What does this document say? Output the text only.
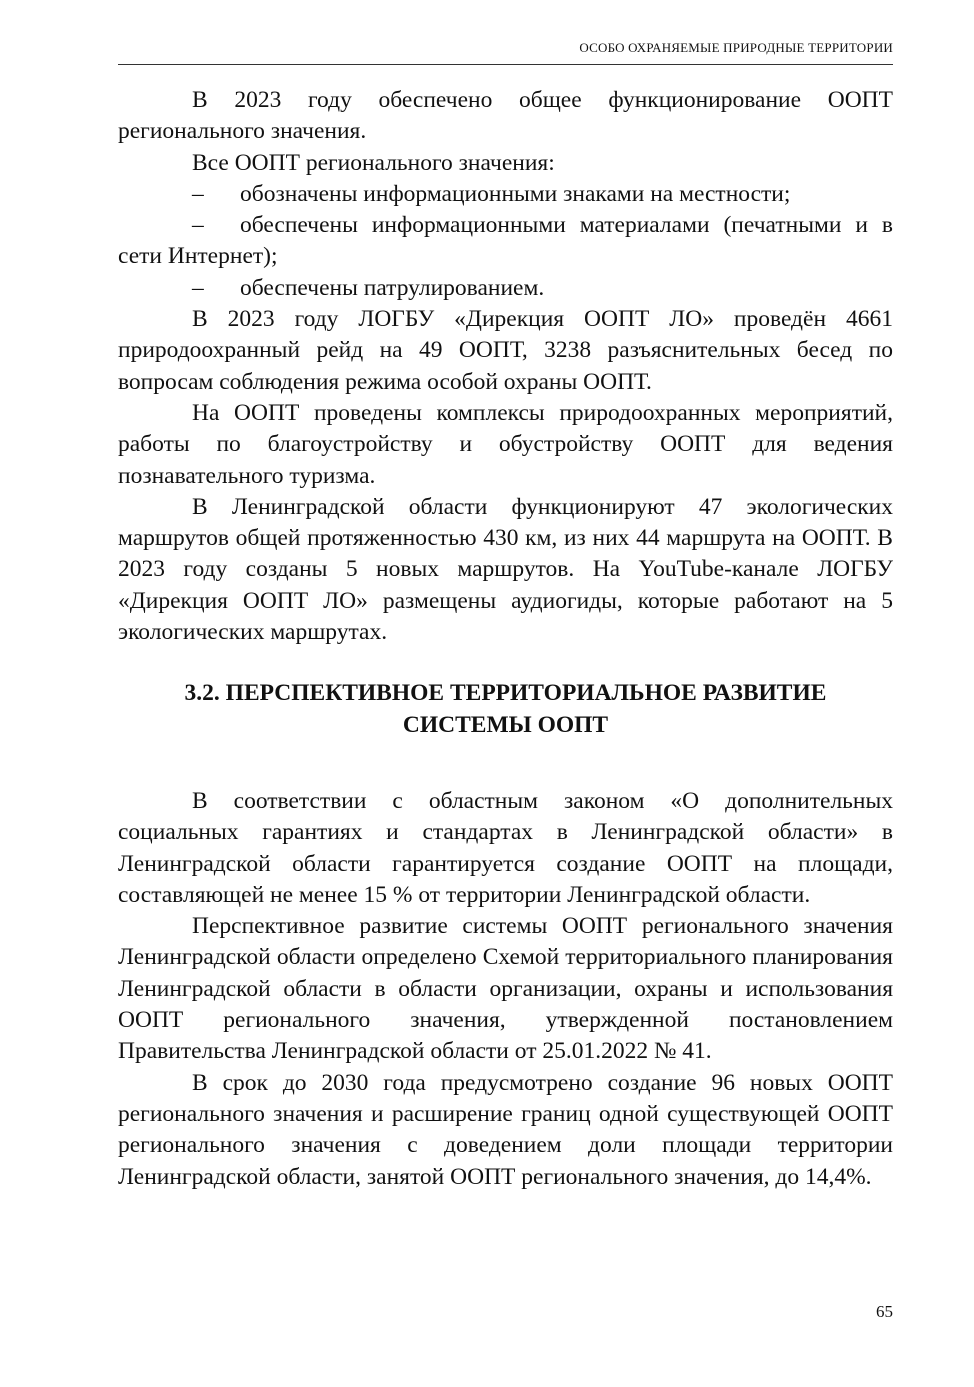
ОСОБО ОХРАНЯЕМЫЕ ПРИРОДНЫЕ ТЕРРИТОРИИ

В 2023 году обеспечено общее функционирование ООПТ регионального значения.

Все ООПТ регионального значения:

– обозначены информационными знаками на местности;
– обеспечены информационными материалами (печатными и в сети Интернет);
– обеспечены патрулированием.

В 2023 году ЛОГБУ «Дирекция ООПТ ЛО» проведён 4661 природоохранный рейд на 49 ООПТ, 3238 разъяснительных бесед по вопросам соблюдения режима особой охраны ООПТ.

На ООПТ проведены комплексы природоохранных мероприятий, работы по благоустройству и обустройству ООПТ для ведения познавательного туризма.

В Ленинградской области функционируют 47 экологических маршрутов общей протяженностью 430 км, из них 44 маршрута на ООПТ. В 2023 году созданы 5 новых маршрутов. На YouTube-канале ЛОГБУ «Дирекция ООПТ ЛО» размещены аудиогиды, которые работают на 5 экологических маршрутах.

3.2. ПЕРСПЕКТИВНОЕ ТЕРРИТОРИАЛЬНОЕ РАЗВИТИЕ
СИСТЕМЫ ООПТ

В соответствии с областным законом «О дополнительных социальных гарантиях и стандартах в Ленинградской области» в Ленинградской области гарантируется создание ООПТ на площади, составляющей не менее 15 % от территории Ленинградской области.

Перспективное развитие системы ООПТ регионального значения Ленинградской области определено Схемой территориального планирования Ленинградской области в области организации, охраны и использования ООПТ регионального значения, утвержденной постановлением Правительства Ленинградской области от 25.01.2022 № 41.

В срок до 2030 года предусмотрено создание 96 новых ООПТ регионального значения и расширение границ одной существующей ООПТ регионального значения с доведением доли площади территории Ленинградской области, занятой ООПТ регионального значения, до 14,4%.

65
